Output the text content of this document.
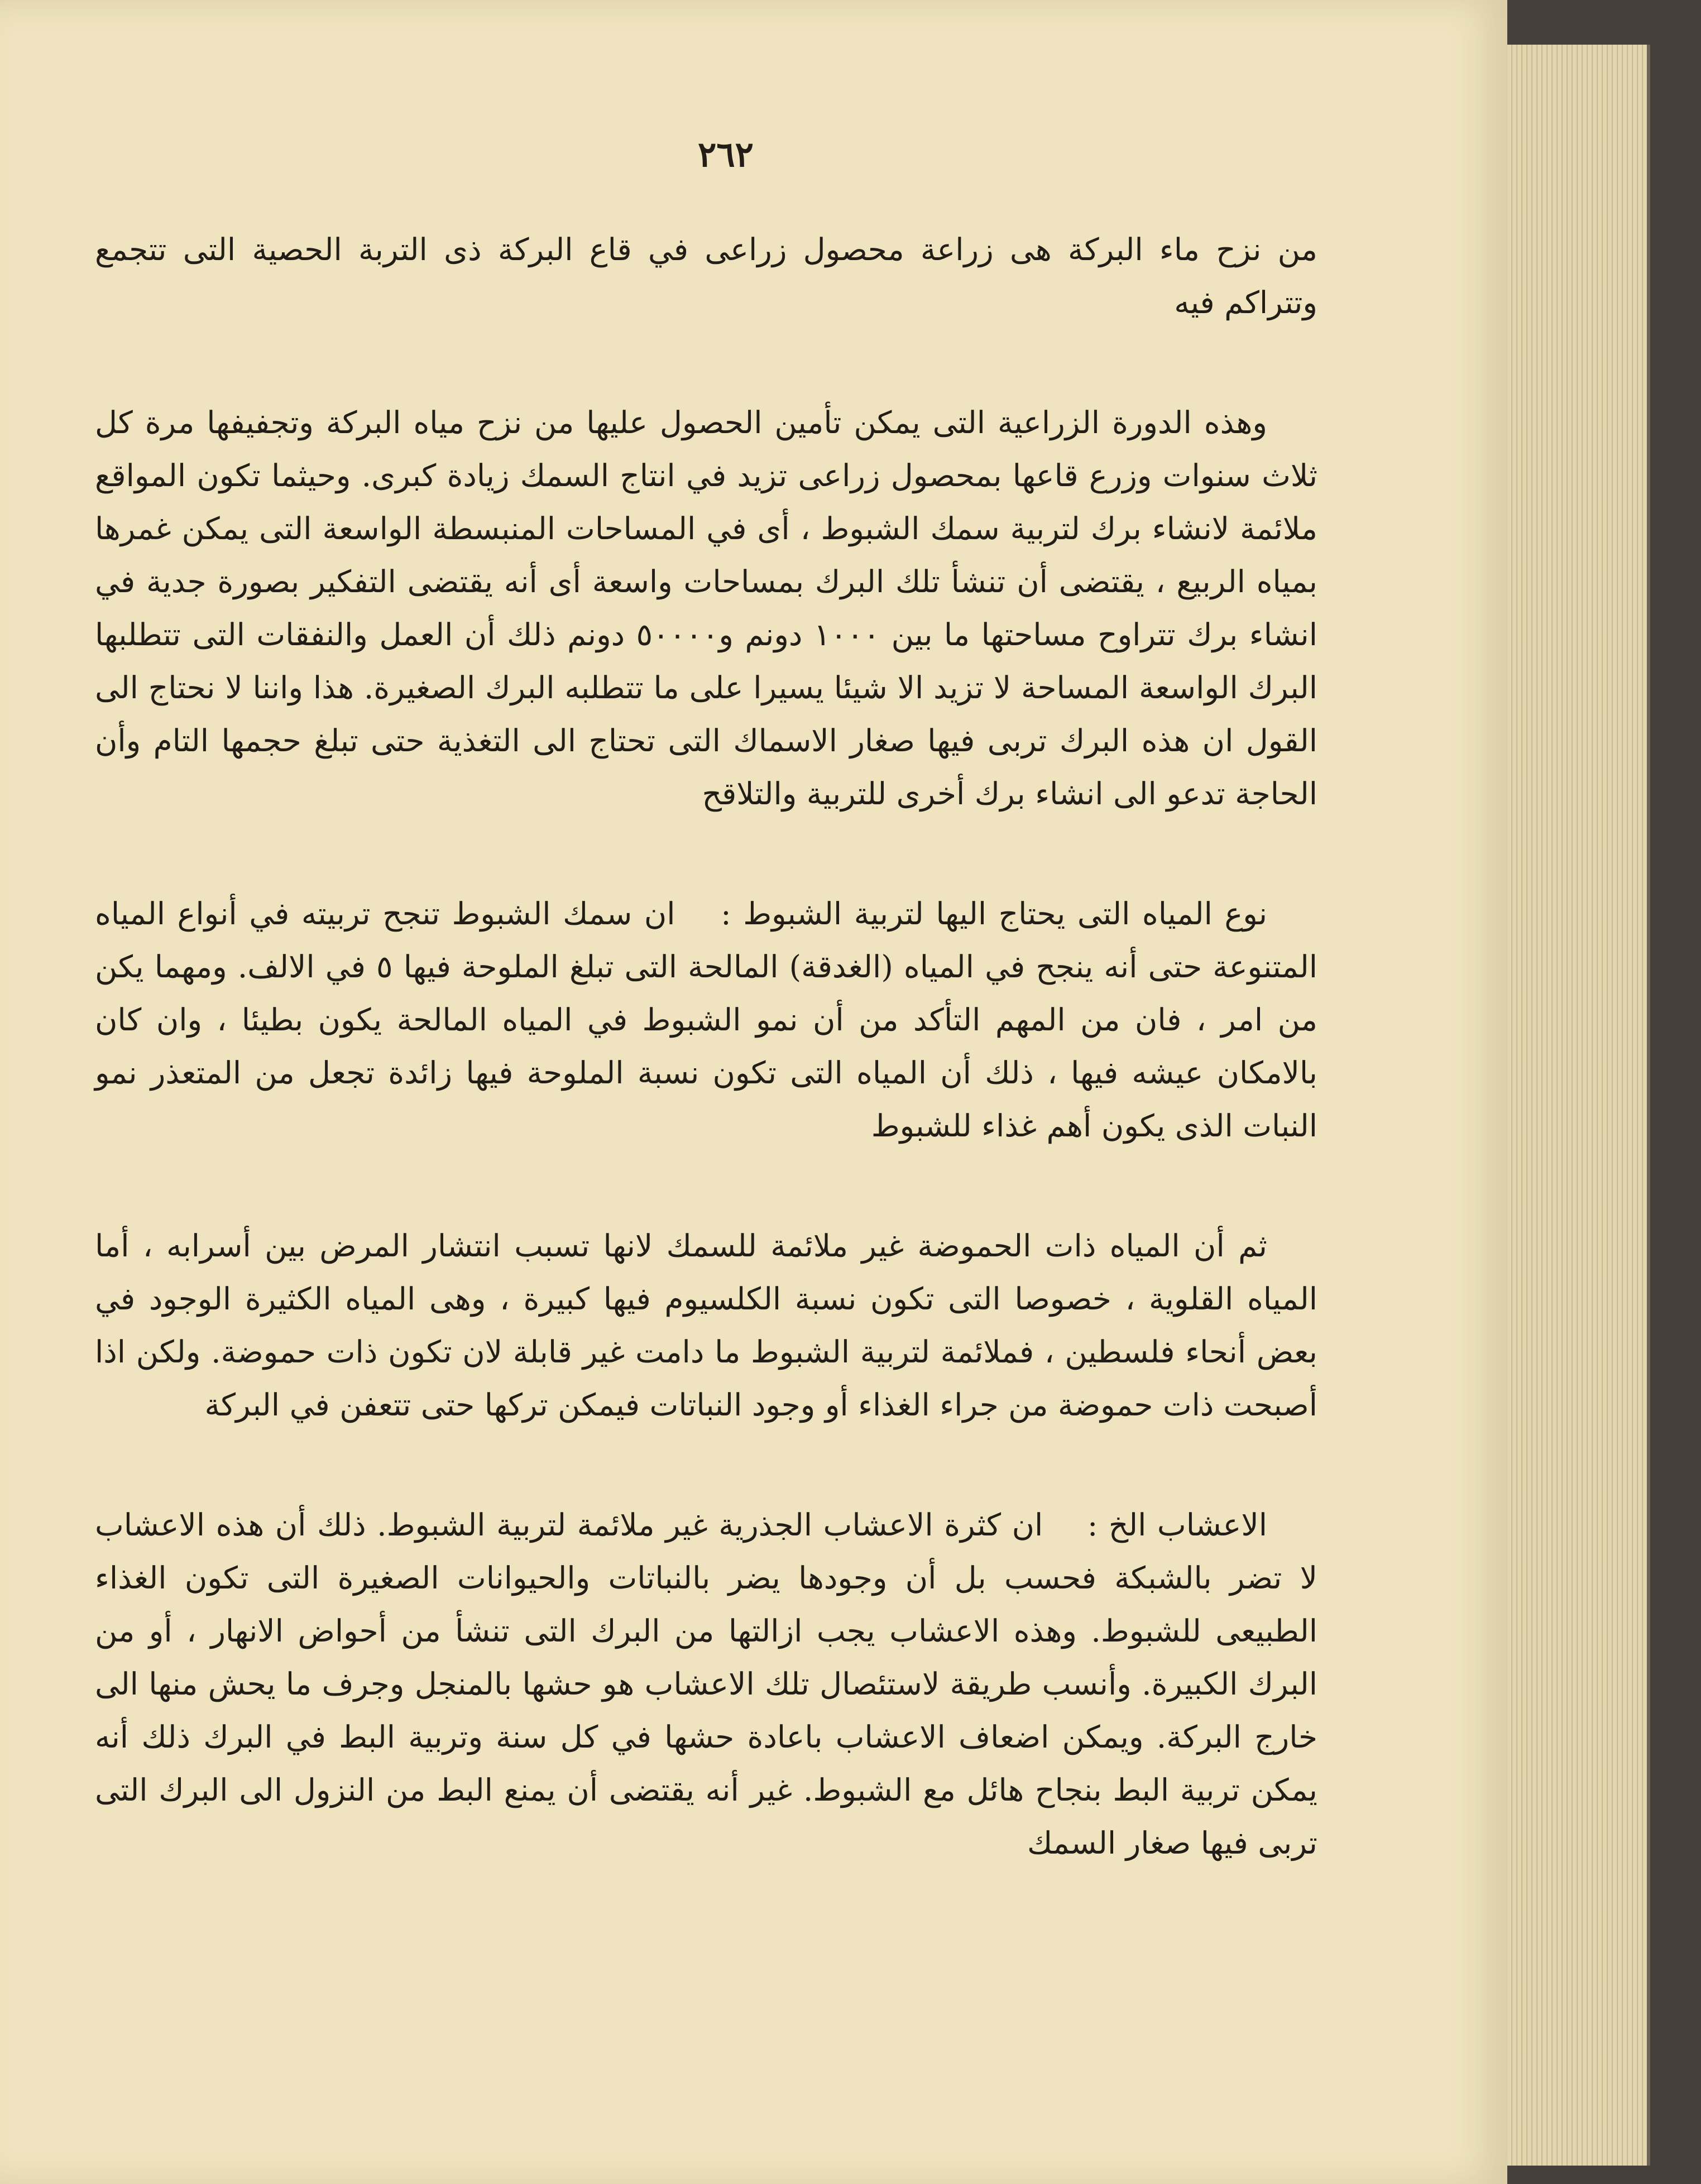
٢٦٢

من نزح ماء البركة هى زراعة محصول زراعى في قاع البركة ذى التربة الحصية التى تتجمع وتتراكم فيه

وهذه الدورة الزراعية التى يمكن تأمين الحصول عليها من نزح مياه البركة وتجفيفها مرة كل ثلاث سنوات وزرع قاعها بمحصول زراعى تزيد في انتاج السمك زيادة كبرى. وحيثما تكون المواقع ملائمة لانشاء برك لتربية سمك الشبوط ، أى في المساحات المنبسطة الواسعة التى يمكن غمرها بمياه الربيع ، يقتضى أن تنشأ تلك البرك بمساحات واسعة أى أنه يقتضى التفكير بصورة جدية في انشاء برك تتراوح مساحتها ما بين ١٠٠٠ دونم و٥٠٠٠٠ دونم ذلك أن العمل والنفقات التى تتطلبها البرك الواسعة المساحة لا تزيد الا شيئا يسيرا على ما تتطلبه البرك الصغيرة. هذا واننا لا نحتاج الى القول ان هذه البرك تربى فيها صغار الاسماك التى تحتاج الى التغذية حتى تبلغ حجمها التام وأن الحاجة تدعو الى انشاء برك أخرى للتربية والتلاقح

نوع المياه التى يحتاج اليها لتربية الشبوط : ان سمك الشبوط تنجح تربيته في أنواع المياه المتنوعة حتى أنه ينجح في المياه (الغدقة) المالحة التى تبلغ الملوحة فيها ٥ في الالف. ومهما يكن من امر ، فان من المهم التأكد من أن نمو الشبوط في المياه المالحة يكون بطيئا ، وان كان بالامكان عيشه فيها ، ذلك أن المياه التى تكون نسبة الملوحة فيها زائدة تجعل من المتعذر نمو النبات الذى يكون أهم غذاء للشبوط

ثم أن المياه ذات الحموضة غير ملائمة للسمك لانها تسبب انتشار المرض بين أسرابه ، أما المياه القلوية ، خصوصا التى تكون نسبة الكلسيوم فيها كبيرة ، وهى المياه الكثيرة الوجود في بعض أنحاء فلسطين ، فملائمة لتربية الشبوط ما دامت غير قابلة لان تكون ذات حموضة. ولكن اذا أصبحت ذات حموضة من جراء الغذاء أو وجود النباتات فيمكن تركها حتى تتعفن في البركة

الاعشاب الخ : ان كثرة الاعشاب الجذرية غير ملائمة لتربية الشبوط. ذلك أن هذه الاعشاب لا تضر بالشبكة فحسب بل أن وجودها يضر بالنباتات والحيوانات الصغيرة التى تكون الغذاء الطبيعى للشبوط. وهذه الاعشاب يجب ازالتها من البرك التى تنشأ من أحواض الانهار ، أو من البرك الكبيرة. وأنسب طريقة لاستئصال تلك الاعشاب هو حشها بالمنجل وجرف ما يحش منها الى خارج البركة. ويمكن اضعاف الاعشاب باعادة حشها في كل سنة وتربية البط في البرك ذلك أنه يمكن تربية البط بنجاح هائل مع الشبوط. غير أنه يقتضى أن يمنع البط من النزول الى البرك التى تربى فيها صغار السمك
